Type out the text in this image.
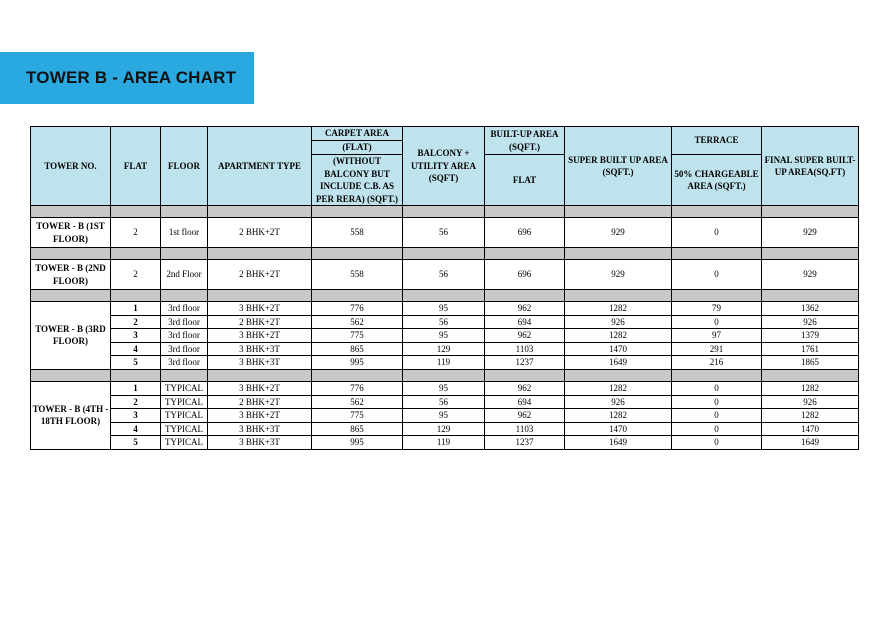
TOWER B - AREA CHART
TOWER NO.	FLAT	FLOOR	APARTMENT TYPE	CARPET AREA	BALCONY + UTILITY AREA (SQFT)	BUILT-UP AREA (SQFT.)	SUPER BUILT UP AREA (SQFT.)	TERRACE	FINAL SUPER BUILT-UP AREA(SQ.FT)
				(FLAT)					
				(WITHOUT BALCONY BUT INCLUDE C.B. AS PER RERA) (SQFT.)		FLAT		50% CHARGEABLE AREA (SQFT.)	

TOWER - B (1ST FLOOR)	2	1st floor	2 BHK+2T	558	56	696	929	0	929

TOWER - B (2ND FLOOR)	2	2nd Floor	2 BHK+2T	558	56	696	929	0	929

TOWER - B (3RD FLOOR)	1	3rd floor	3 BHK+2T	776	95	962	1282	79	1362
	2	3rd floor	2 BHK+2T	562	56	694	926	0	926
	3	3rd floor	3 BHK+2T	775	95	962	1282	97	1379
	4	3rd floor	3 BHK+3T	865	129	1103	1470	291	1761
	5	3rd floor	3 BHK+3T	995	119	1237	1649	216	1865

TOWER - B (4TH - 18TH FLOOR)	1	TYPICAL	3 BHK+2T	776	95	962	1282	0	1282
	2	TYPICAL	2 BHK+2T	562	56	694	926	0	926
	3	TYPICAL	3 BHK+2T	775	95	962	1282	0	1282
	4	TYPICAL	3 BHK+3T	865	129	1103	1470	0	1470
	5	TYPICAL	3 BHK+3T	995	119	1237	1649	0	1649
